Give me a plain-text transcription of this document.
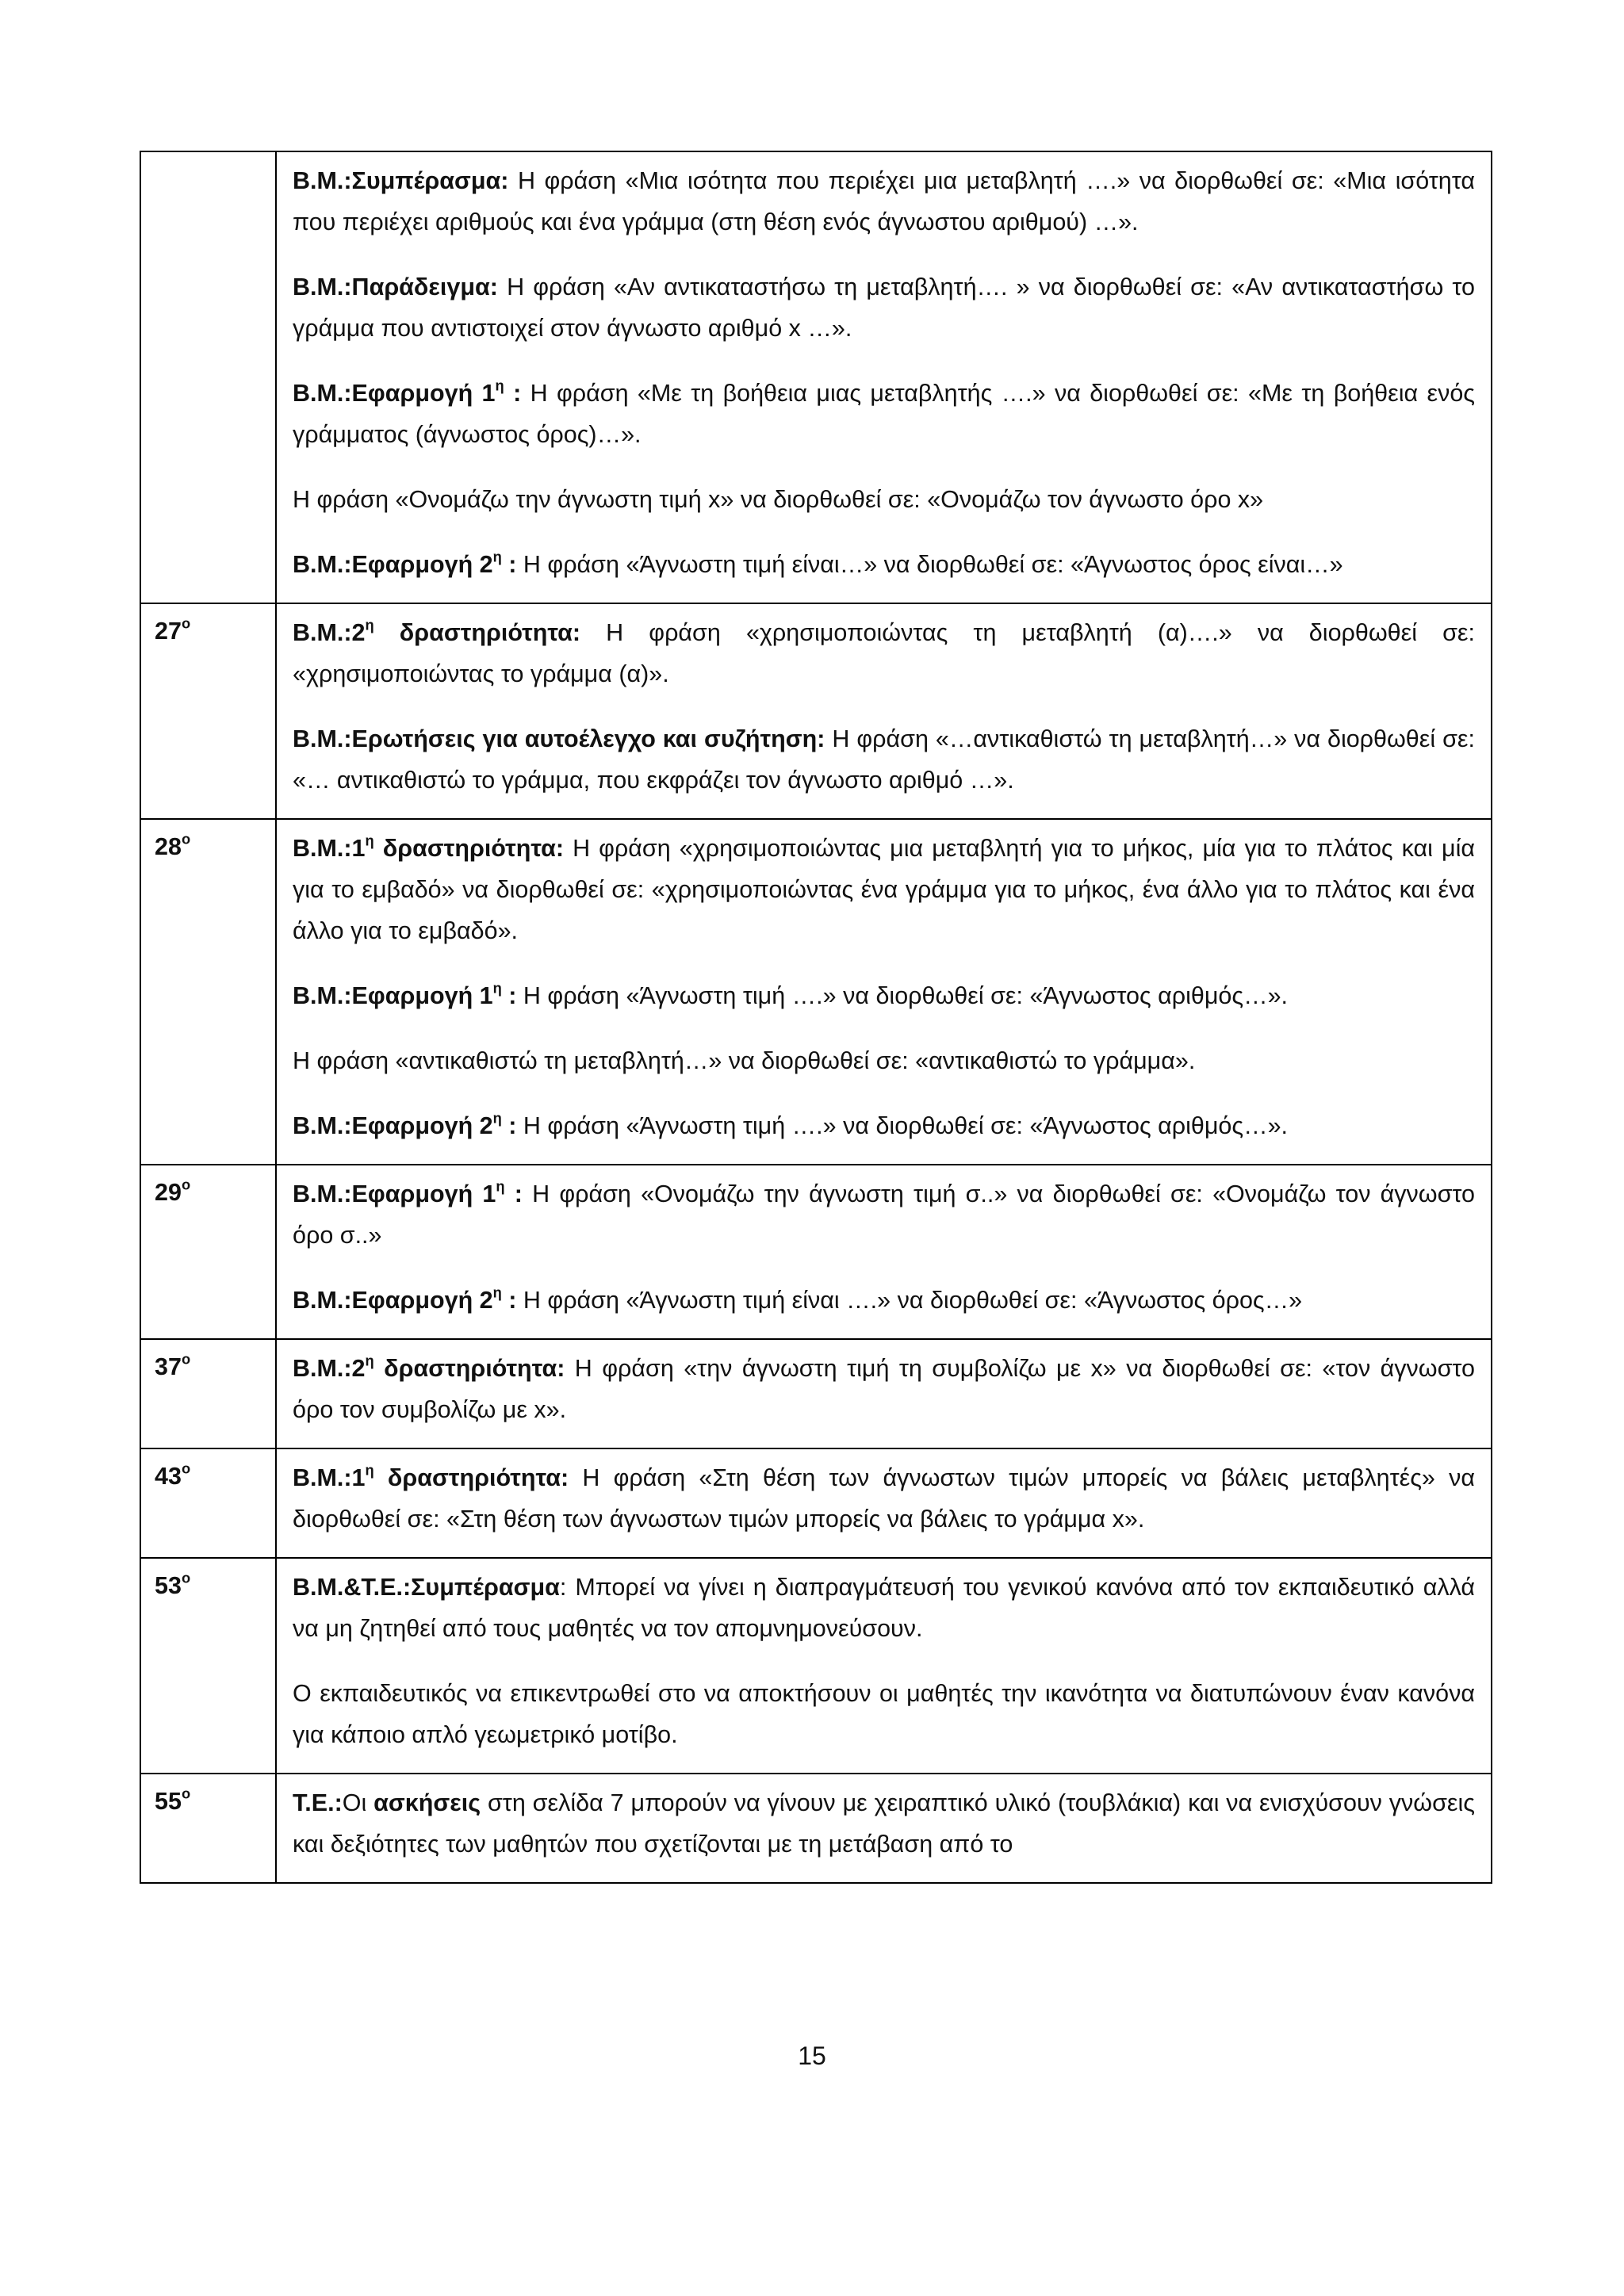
	Β.Μ.:Συμπέρασμα: Η φράση «Μια ισότητα που περιέχει μια μεταβλητή ….» να διορθωθεί σε: «Μια ισότητα που περιέχει αριθμούς και ένα γράμμα (στη θέση ενός άγνωστου αριθμού) …».

Β.Μ.:Παράδειγμα: Η φράση «Αν αντικαταστήσω τη μεταβλητή…. » να διορθωθεί σε: «Αν αντικαταστήσω το γράμμα που αντιστοιχεί στον άγνωστο αριθμό x …».

Β.Μ.:Εφαρμογή $1^\eta$ : Η φράση «Με τη βοήθεια μιας μεταβλητής ….» να διορθωθεί σε: «Με τη βοήθεια ενός γράμματος (άγνωστος όρος)…».

Η φράση «Ονομάζω την άγνωστη τιμή x» να διορθωθεί σε: «Ονομάζω τον άγνωστο όρο x»

Β.Μ.:Εφαρμογή $2^\eta$ : Η φράση «Άγνωστη τιμή είναι…» να διορθωθεί σε: «Άγνωστος όρος είναι…»

$27^o$	$B.M.:2^\eta$ δραστηριότητα: Η φράση «χρησιμοποιώντας τη μεταβλητή (α)….» να διορθωθεί σε: «χρησιμοποιώντας το γράμμα (α)».

Β.Μ.:Ερωτήσεις για αυτοέλεγχο και συζήτηση: Η φράση «…αντικαθιστώ τη μεταβλητή…» να διορθωθεί σε: «… αντικαθιστώ το γράμμα, που εκφράζει τον άγνωστο αριθμό …».

$28^o$	$B.M.:1^\eta$ δραστηριότητα: Η φράση «χρησιμοποιώντας μια μεταβλητή για το μήκος, μία για το πλάτος και μία για το εμβαδό» να διορθωθεί σε: «χρησιμοποιώντας ένα γράμμα για το μήκος, ένα άλλο για το πλάτος και ένα άλλο για το εμβαδό».

Β.Μ.:Εφαρμογή $1^\eta$ : Η φράση «Άγνωστη τιμή ….» να διορθωθεί σε: «Άγνωστος αριθμός…».

Η φράση «αντικαθιστώ τη μεταβλητή…» να διορθωθεί σε: «αντικαθιστώ το γράμμα».

Β.Μ.:Εφαρμογή $2^\eta$ : Η φράση «Άγνωστη τιμή ….» να διορθωθεί σε: «Άγνωστος αριθμός…».

$29^o$	Β.Μ.:Εφαρμογή $1^\eta$ : Η φράση «Ονομάζω την άγνωστη τιμή σ..» να διορθωθεί σε: «Ονομάζω τον άγνωστο όρο σ..»

Β.Μ.:Εφαρμογή $2^\eta$ : Η φράση «Άγνωστη τιμή είναι ….» να διορθωθεί σε: «Άγνωστος όρος…»

$37^o$	$B.M.:2^\eta$ δραστηριότητα: Η φράση «την άγνωστη τιμή τη συμβολίζω με x» να διορθωθεί σε: «τον άγνωστο όρο τον συμβολίζω με x».

$43^o$	$B.M.:1^\eta$ δραστηριότητα: Η φράση «Στη θέση των άγνωστων τιμών μπορείς να βάλεις μεταβλητές» να διορθωθεί σε: «Στη θέση των άγνωστων τιμών μπορείς να βάλεις το γράμμα x».

$53^o$	Β.Μ.&Τ.Ε.:Συμπέρασμα: Μπορεί να γίνει η διαπραγμάτευσή του γενικού κανόνα από τον εκπαιδευτικό αλλά να μη ζητηθεί από τους μαθητές να τον απομνημονεύσουν.

Ο εκπαιδευτικός να επικεντρωθεί στο να αποκτήσουν οι μαθητές την ικανότητα να διατυπώνουν έναν κανόνα για κάποιο απλό γεωμετρικό μοτίβο.

$55^o$	Τ.Ε.:Οι ασκήσεις στη σελίδα 7 μπορούν να γίνουν με χειραπτικό υλικό (τουβλάκια) και να ενισχύσουν γνώσεις και δεξιότητες των μαθητών που σχετίζονται με τη μετάβαση από το

15
